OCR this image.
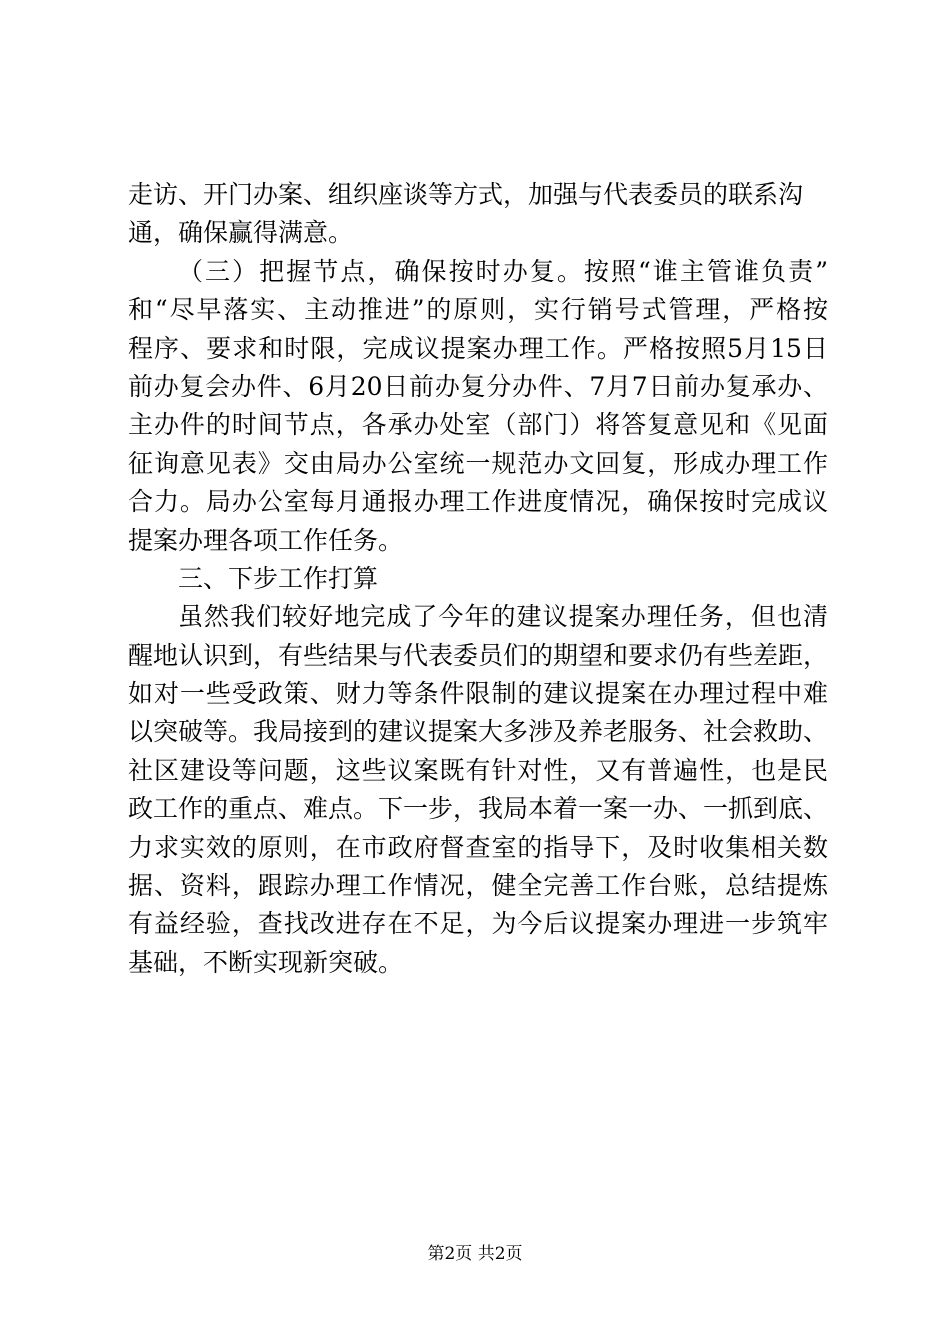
走访、开门办案、组织座谈等方式，加强与代表委员的联系沟
通，确保赢得满意。
（三）把握节点，确保按时办复。按照“谁主管谁负责”
和“尽早落实、主动推进”的原则，实行销号式管理，严格按
程序、要求和时限，完成议提案办理工作。严格按照5月15日
前办复会办件、6月20日前办复分办件、7月7日前办复承办、
主办件的时间节点，各承办处室（部门）将答复意见和《见面
征询意见表》交由局办公室统一规范办文回复，形成办理工作
合力。局办公室每月通报办理工作进度情况，确保按时完成议
提案办理各项工作任务。
三、下步工作打算
虽然我们较好地完成了今年的建议提案办理任务，但也清
醒地认识到，有些结果与代表委员们的期望和要求仍有些差距，
如对一些受政策、财力等条件限制的建议提案在办理过程中难
以突破等。我局接到的建议提案大多涉及养老服务、社会救助、
社区建设等问题，这些议案既有针对性，又有普遍性，也是民
政工作的重点、难点。下一步，我局本着一案一办、一抓到底、
力求实效的原则，在市政府督查室的指导下，及时收集相关数
据、资料，跟踪办理工作情况，健全完善工作台账，总结提炼
有益经验，查找改进存在不足，为今后议提案办理进一步筑牢
基础，不断实现新突破。
第2页 共2页
